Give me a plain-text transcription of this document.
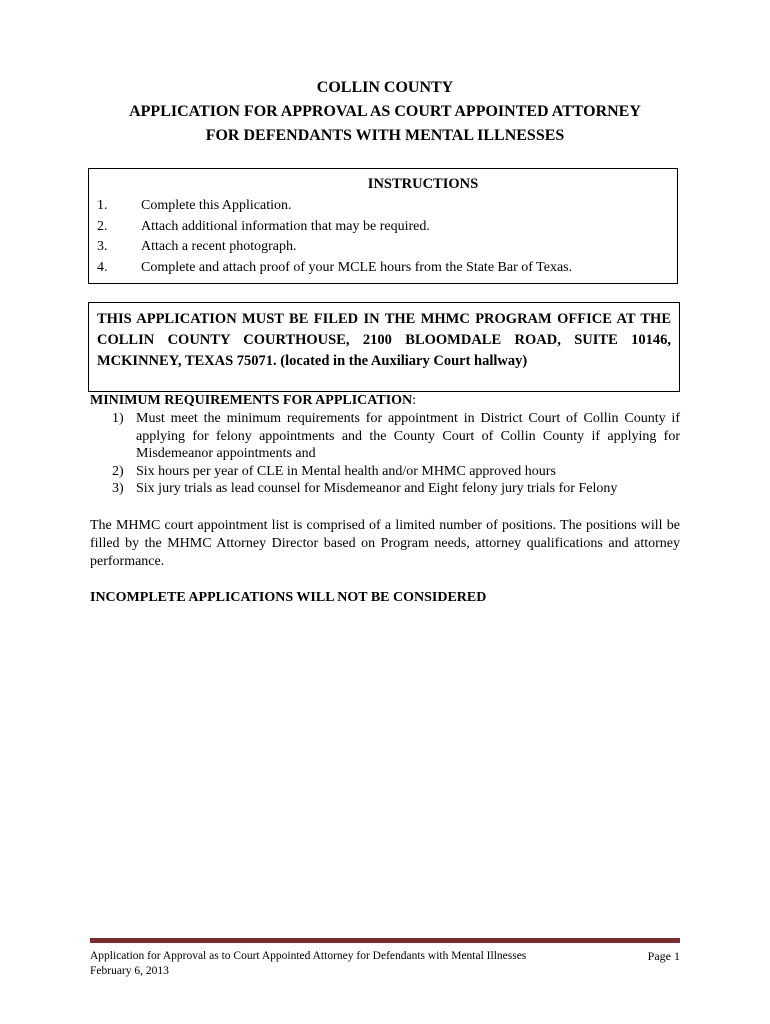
COLLIN COUNTY
APPLICATION FOR APPROVAL AS COURT APPOINTED ATTORNEY
FOR DEFENDANTS WITH MENTAL ILLNESSES
INSTRUCTIONS
1. Complete this Application.
2. Attach additional information that may be required.
3. Attach a recent photograph.
4. Complete and attach proof of your MCLE hours from the State Bar of Texas.
THIS APPLICATION MUST BE FILED IN THE MHMC PROGRAM OFFICE AT THE COLLIN COUNTY COURTHOUSE, 2100 BLOOMDALE ROAD, SUITE 10146, MCKINNEY, TEXAS 75071. (located in the Auxiliary Court hallway)
MINIMUM REQUIREMENTS FOR APPLICATION:
1) Must meet the minimum requirements for appointment in District Court of Collin County if applying for felony appointments and the County Court of Collin County if applying for Misdemeanor appointments and
2) Six hours per year of CLE in Mental health and/or MHMC approved hours
3) Six jury trials as lead counsel for Misdemeanor and Eight felony jury trials for Felony
The MHMC court appointment list is comprised of a limited number of positions. The positions will be filled by the MHMC Attorney Director based on Program needs, attorney qualifications and attorney performance.
INCOMPLETE APPLICATIONS WILL NOT BE CONSIDERED
Application for Approval as to Court Appointed Attorney for Defendants with Mental Illnesses
February 6, 2013
Page 1
